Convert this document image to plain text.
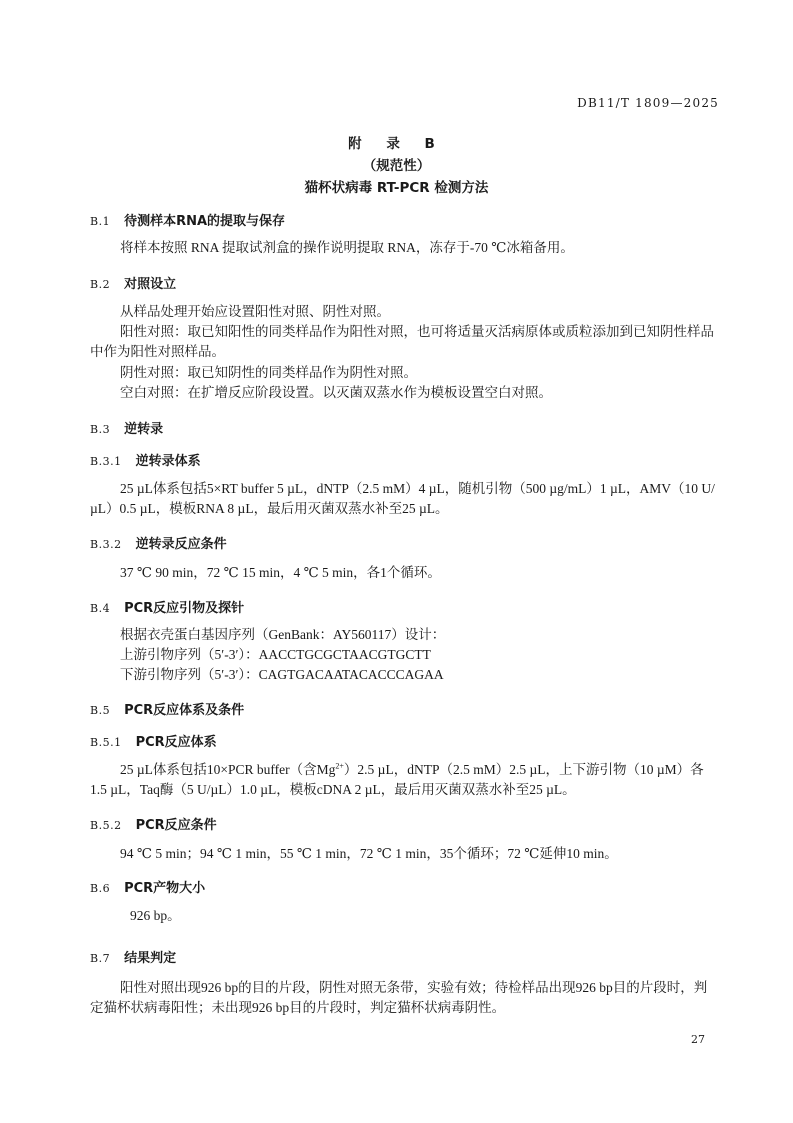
DB11/T 1809—2025
附 录 B
（规范性）
猫杯状病毒 RT-PCR 检测方法
B.1 待测样本RNA的提取与保存

将样本按照 RNA 提取试剂盒的操作说明提取 RNA，冻存于-70 ℃冰箱备用。

B.2 对照设立

从样品处理开始应设置阳性对照、阴性对照。

阳性对照：取已知阳性的同类样品作为阳性对照，也可将适量灭活病原体或质粒添加到已知阴性样品中作为阳性对照样品。

阴性对照：取已知阴性的同类样品作为阴性对照。

空白对照：在扩增反应阶段设置。以灭菌双蒸水作为模板设置空白对照。

B.3 逆转录
B.3.1 逆转录体系

25 µL体系包括5×RT buffer 5 µL，dNTP（2.5 mM）4 µL，随机引物（500 µg/mL）1 µL，AMV（10 U/µL）0.5 µL，模板RNA 8 µL，最后用灭菌双蒸水补至25 µL。

B.3.2 逆转录反应条件

37 ℃ 90 min，72 ℃ 15 min，4 ℃ 5 min，各1个循环。

B.4 PCR反应引物及探针

根据衣壳蛋白基因序列（GenBank：AY560117）设计：

上游引物序列（5′-3′）：AACCTGCGCTAACGTGCTT

下游引物序列（5′-3′）：CAGTGACAATACACCCAGAA

B.5 PCR反应体系及条件
B.5.1 PCR反应体系

25 µL体系包括10×PCR buffer（含$Mg^{2+})2.5$ µL，dNTP（2.5 mM）2.5 µL，上下游引物（10 µM）各1.5 µL，Taq酶（5 U/µL）1.0 µL，模板cDNA 2 µL，最后用灭菌双蒸水补至25 µL。

B.5.2 PCR反应条件

94 ℃ 5 min；94 ℃ 1 min，55 ℃ 1 min，72 ℃ 1 min，35个循环；72 ℃延伸10 min。

B.6 PCR产物大小

926 bp。

B.7 结果判定

阳性对照出现926 bp的目的片段，阴性对照无条带，实验有效；待检样品出现926 bp目的片段时，判定猫杯状病毒阳性；未出现926 bp目的片段时，判定猫杯状病毒阴性。

27
